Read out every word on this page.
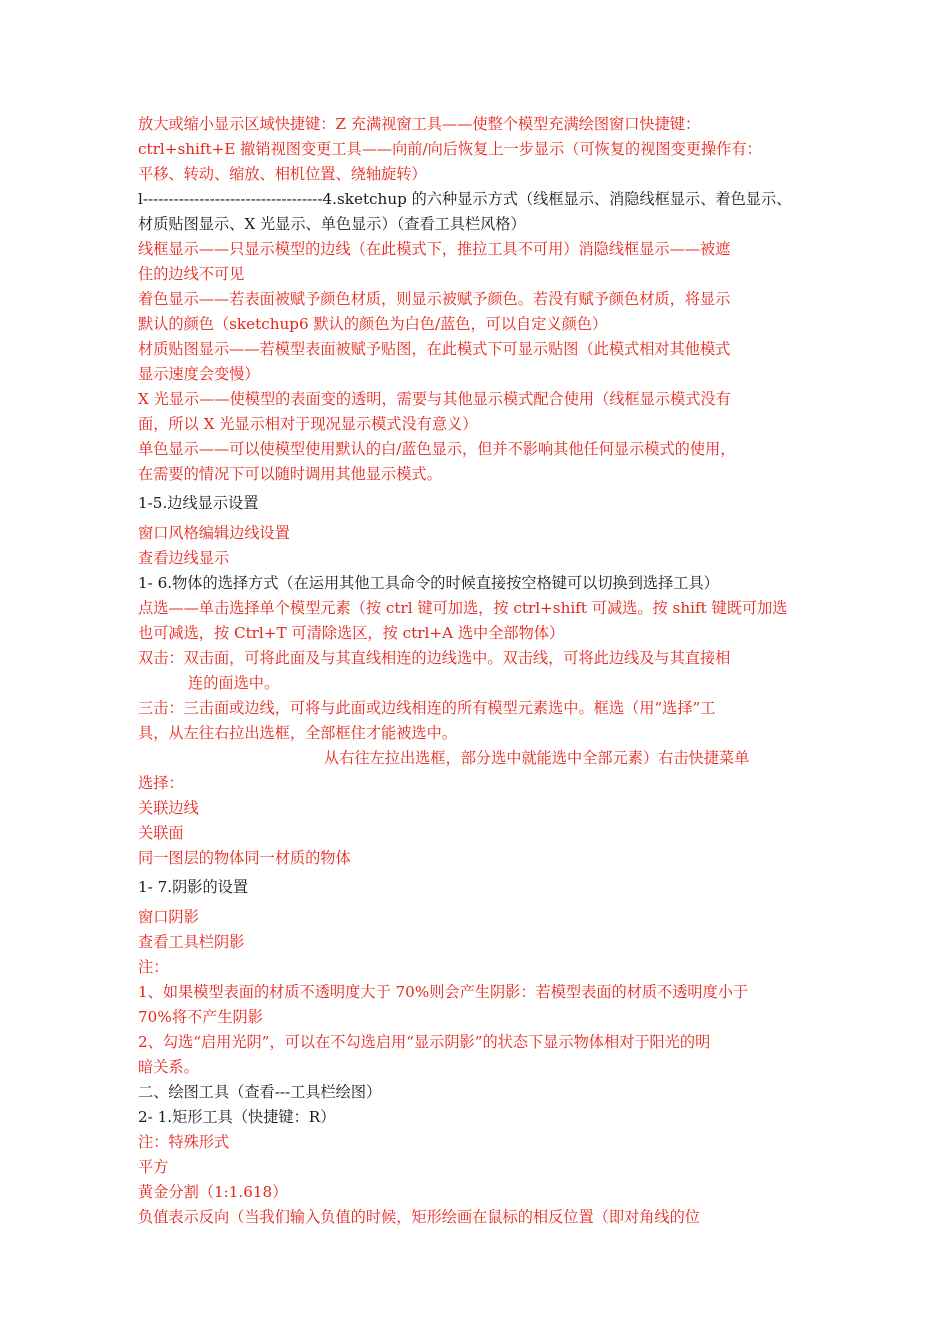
放大或缩小显示区域快捷键：Z 充满视窗工具——使整个模型充满绘图窗口快捷键：
ctrl+shift+E 撤销视图变更工具——向前/向后恢复上一步显示（可恢复的视图变更操作有：
平移、转动、缩放、相机位置、绕轴旋转）
l-----------------------------------4.sketchup 的六种显示方式（线框显示、消隐线框显示、着色显示、
材质贴图显示、X 光显示、单色显示）（查看工具栏风格）
线框显示——只显示模型的边线（在此模式下，推拉工具不可用）消隐线框显示——被遮
住的边线不可见
着色显示——若表面被赋予颜色材质，则显示被赋予颜色。若没有赋予颜色材质，将显示
默认的颜色（sketchup6 默认的颜色为白色/蓝色，可以自定义颜色）
材质贴图显示——若模型表面被赋予贴图，在此模式下可显示贴图（此模式相对其他模式
显示速度会变慢）
X 光显示——使模型的表面变的透明，需要与其他显示模式配合使用（线框显示模式没有
面，所以 X 光显示相对于现况显示模式没有意义）
单色显示——可以使模型使用默认的白/蓝色显示，但并不影响其他任何显示模式的使用，
在需要的情况下可以随时调用其他显示模式。
1-5.边线显示设置
窗口风格编辑边线设置
查看边线显示
1- 6.物体的选择方式（在运用其他工具命令的时候直接按空格键可以切换到选择工具）
点选——单击选择单个模型元素（按 ctrl 键可加选，按 ctrl+shift 可减选。按 shift 键既可加选
也可减选，按 Ctrl+T 可清除选区，按 ctrl+A 选中全部物体）
双击：双击面，可将此面及与其直线相连的边线选中。双击线，可将此边线及与其直接相
连的面选中。
三击：三击面或边线，可将与此面或边线相连的所有模型元素选中。框选（用“选择”工
具，从左往右拉出选框，全部框住才能被选中。
从右往左拉出选框，部分选中就能选中全部元素）右击快捷菜单
选择：
关联边线
关联面
同一图层的物体同一材质的物体
1- 7.阴影的设置
窗口阴影
查看工具栏阴影
注：
1、如果模型表面的材质不透明度大于 70%则会产生阴影：若模型表面的材质不透明度小于
70%将不产生阴影
2、勾选“启用光阴”，可以在不勾选启用“显示阴影”的状态下显示物体相对于阳光的明
暗关系。
二、绘图工具（查看---工具栏绘图）
2- 1.矩形工具（快捷键：R）
注：特殊形式
平方
黄金分割（1:1.618）
负值表示反向（当我们输入负值的时候，矩形绘画在鼠标的相反位置（即对角线的位
